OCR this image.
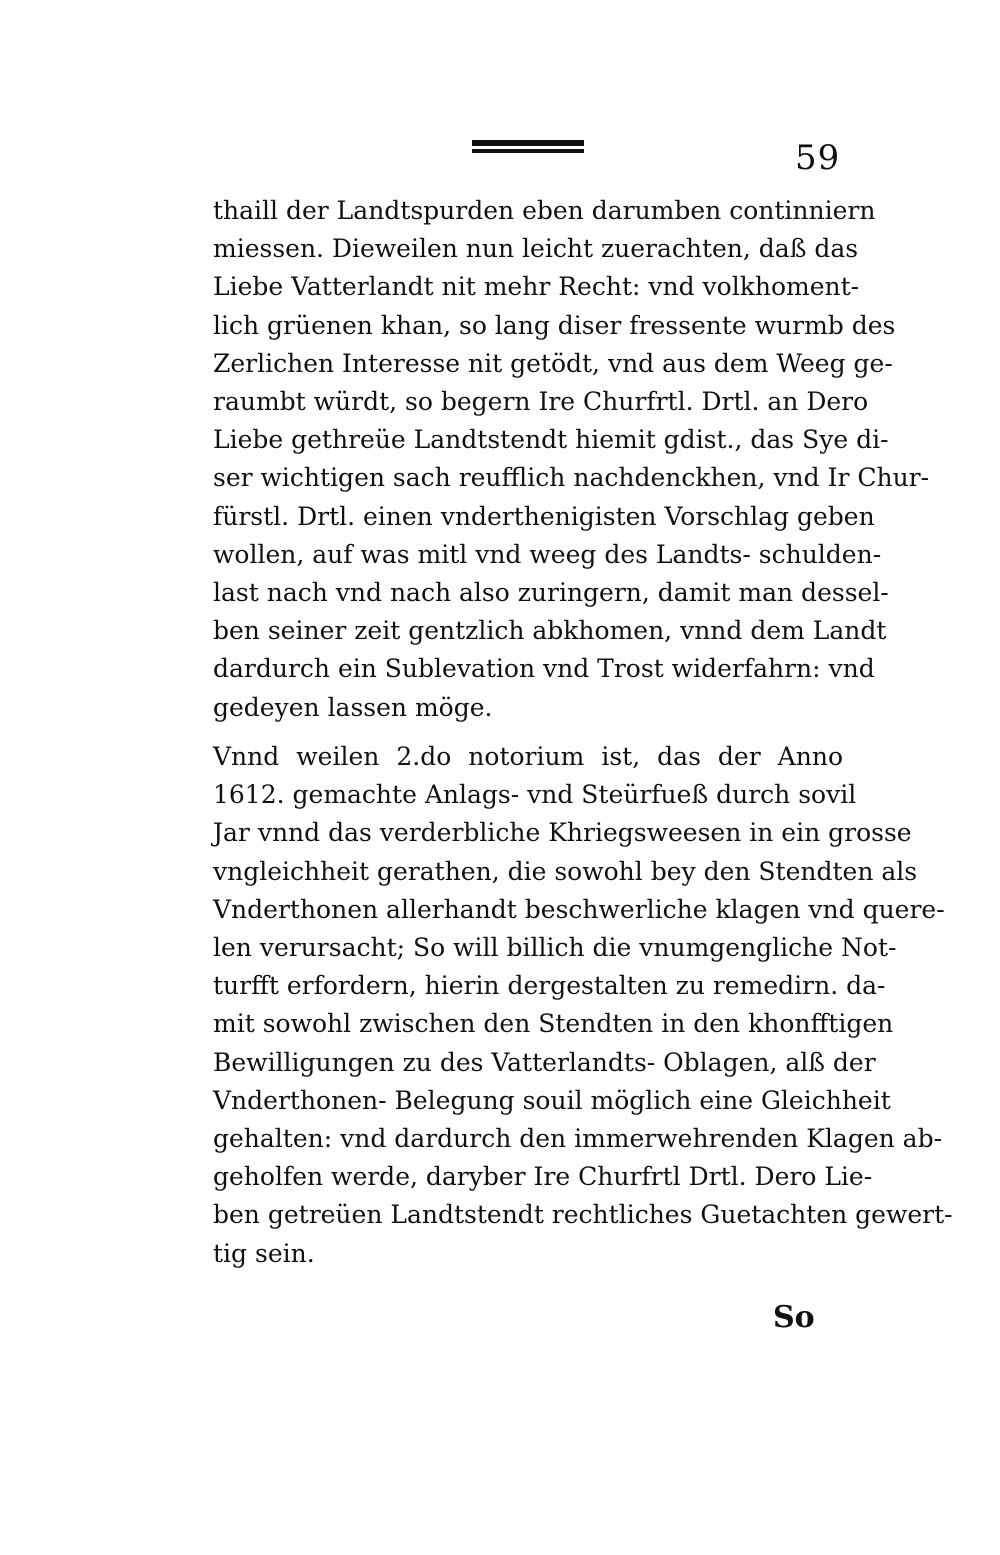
59

thaill der Landtspurden eben darumben continniern
miessen. Dieweilen nun leicht zuerachten, daß das
Liebe Vatterlandt nit mehr Recht: vnd volkhoment-
lich grüenen khan, so lang diser fressente wurmb des
Zerlichen Interesse nit getödt, vnd aus dem Weeg ge-
raumbt würdt, so begern Ire Churfrtl. Drtl. an Dero
Liebe gethreüe Landtstendt hiemit gdist., das Sye di-
ser wichtigen sach reufflich nachdenckhen, vnd Ir Chur-
fürstl. Drtl. einen vnderthenigisten Vorschlag geben
wollen, auf was mitl vnd weeg des Landts- schulden-
last nach vnd nach also zuringern, damit man dessel-
ben seiner zeit gentzlich abkhomen, vnnd dem Landt
dardurch ein Sublevation vnd Trost widerfahrn: vnd
gedeyen lassen möge.

Vnnd weilen 2.do notorium ist, das der Anno
1612. gemachte Anlags- vnd Steürfueß durch sovil
Jar vnnd das verderbliche Khriegsweesen in ein grosse
vngleichheit gerathen, die sowohl bey den Stendten als
Vnderthonen allerhandt beschwerliche klagen vnd quere-
len verursacht; So will billich die vnumgengliche Not-
turfft erfordern, hierin dergestalten zu remedirn. da-
mit sowohl zwischen den Stendten in den khonfftigen
Bewilligungen zu des Vatterlandts- Oblagen, alß der
Vnderthonen- Belegung souil möglich eine Gleichheit
gehalten: vnd dardurch den immerwehrenden Klagen ab-
geholfen werde, daryber Ire Churfrtl Drtl. Dero Lie-
ben getreüen Landtstendt rechtliches Guetachten gewert-
tig sein.

So
